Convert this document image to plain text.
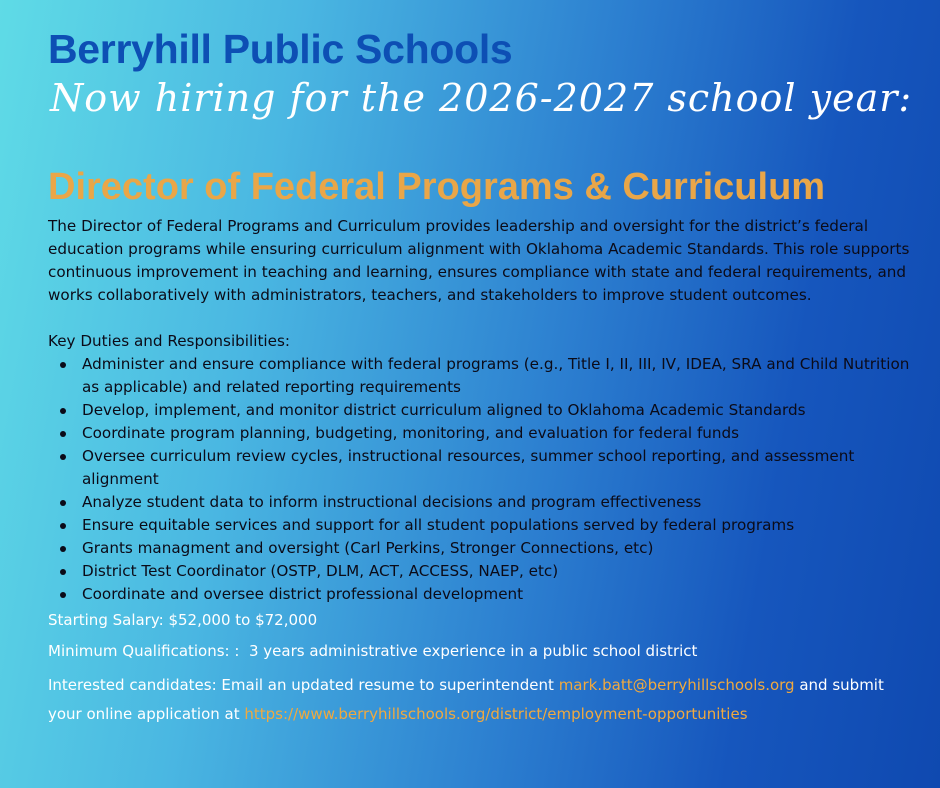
Berryhill Public Schools
Now hiring for the 2026-2027 school year:
Director of Federal Programs & Curriculum

The Director of Federal Programs and Curriculum provides leadership and oversight for the district’s federal education programs while ensuring curriculum alignment with Oklahoma Academic Standards. This role supports continuous improvement in teaching and learning, ensures compliance with state and federal requirements, and works collaboratively with administrators, teachers, and stakeholders to improve student outcomes.

Key Duties and Responsibilities:

Administer and ensure compliance with federal programs (e.g., Title I, II, III, IV, IDEA, SRA and Child Nutrition as applicable) and related reporting requirements
Develop, implement, and monitor district curriculum aligned to Oklahoma Academic Standards
Coordinate program planning, budgeting, monitoring, and evaluation for federal funds
Oversee curriculum review cycles, instructional resources, summer school reporting, and assessment alignment
Analyze student data to inform instructional decisions and program effectiveness
Ensure equitable services and support for all student populations served by federal programs
Grants managment and oversight (Carl Perkins, Stronger Connections, etc)
District Test Coordinator (OSTP, DLM, ACT, ACCESS, NAEP, etc)
Coordinate and oversee district professional development

Starting Salary: $52,000 to $72,000

Minimum Qualifications: : 3 years administrative experience in a public school district

Interested candidates: Email an updated resume to superintendent mark.batt@berryhillschools.org and submit your online application at https://www.berryhillschools.org/district/employment-opportunities
